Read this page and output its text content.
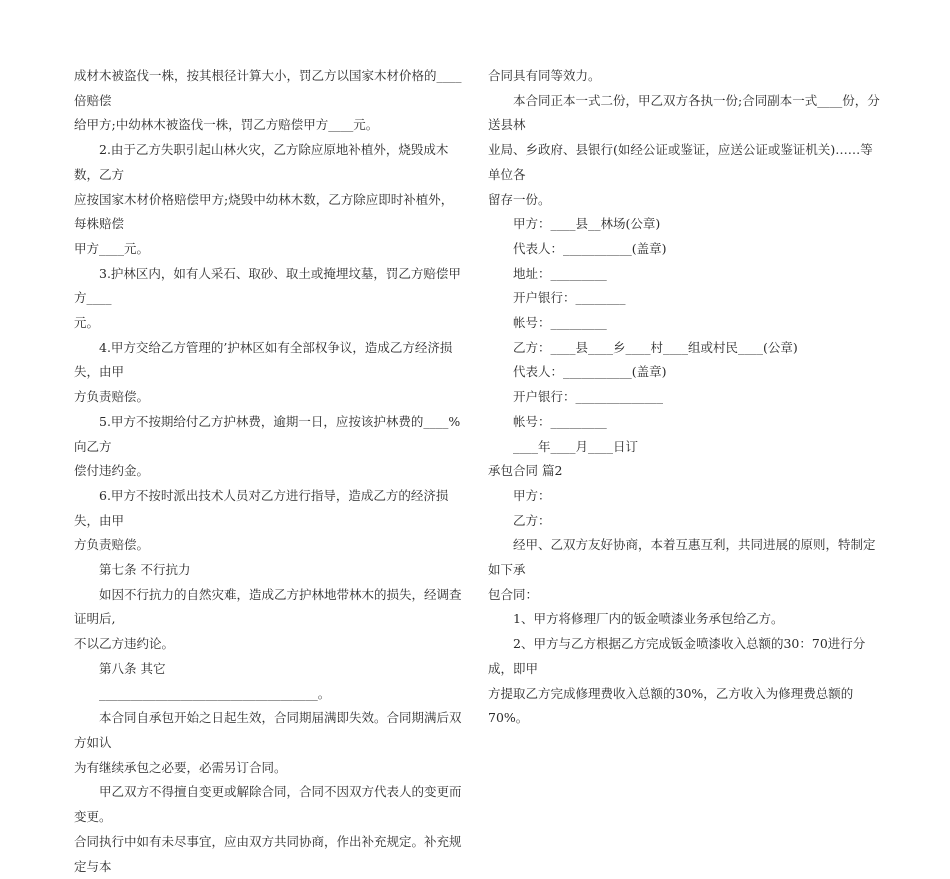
成材木被盗伐一株，按其根径计算大小，罚乙方以国家木材价格的____倍赔偿

给甲方;中幼林木被盗伐一株，罚乙方赔偿甲方____元。

2.由于乙方失职引起山林火灾，乙方除应原地补植外，烧毁成木数，乙方

应按国家木材价格赔偿甲方;烧毁中幼林木数，乙方除应即时补植外，每株赔偿

甲方____元。

3.护林区内，如有人采石、取砂、取土或掩埋坟墓，罚乙方赔偿甲方____

元。

4.甲方交给乙方管理的’护林区如有全部权争议，造成乙方经济损失，由甲

方负责赔偿。

5.甲方不按期给付乙方护林费，逾期一日，应按该护林费的____%向乙方

偿付违约金。

6.甲方不按时派出技术人员对乙方进行指导，造成乙方的经济损失，由甲

方负责赔偿。

第七条 不行抗力

如因不行抗力的自然灾难，造成乙方护林地带林木的损失，经调查证明后,

不以乙方违约论。

第八条 其它

___________________________________。

本合同自承包开始之日起生效，合同期届满即失效。合同期满后双方如认

为有继续承包之必要，必需另订合同。

甲乙双方不得擅自变更或解除合同，合同不因双方代表人的变更而变更。

合同执行中如有未尽事宜，应由双方共同协商，作出补充规定。补充规定与本

合同具有同等效力。

本合同正本一式二份，甲乙双方各执一份;合同副本一式____份，分送县林

业局、乡政府、县银行(如经公证或鉴证，应送公证或鉴证机关)……等单位各

留存一份。

甲方：____县__林场(公章)

代表人：___________(盖章)

地址：_________

开户银行：________

帐号：_________

乙方：____县____乡____村____组或村民____(公章)

代表人：___________(盖章)

开户银行：______________

帐号：_________

____年____月____日订

承包合同 篇2

甲方：

乙方：

经甲、乙双方友好协商，本着互惠互利，共同进展的原则，特制定如下承

包合同：

1、甲方将修理厂内的钣金喷漆业务承包给乙方。

2、甲方与乙方根据乙方完成钣金喷漆收入总额的30：70进行分成，即甲

方提取乙方完成修理费收入总额的30%，乙方收入为修理费总额的70%。
